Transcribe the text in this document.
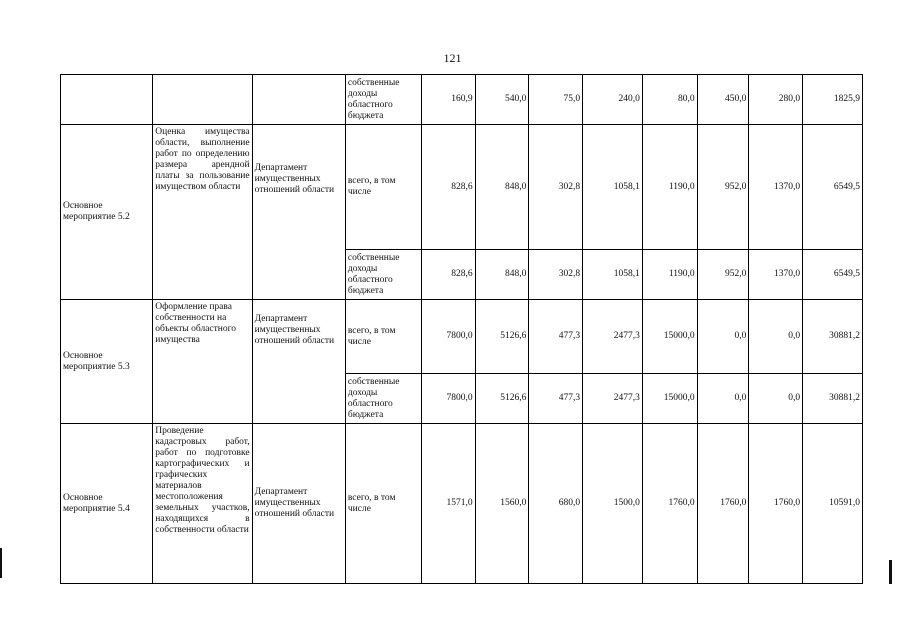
121
			собственные доходы областного бюджета	160,9	540,0	75,0	240,0	80,0	450,0	280,0	1825,9
Основное мероприятие 5.2	Оценка имущества области, выполнение работ по определению размера арендной платы за пользование имуществом области	Департамент имущественных отношений области	всего, в том числе	828,6	848,0	302,8	1058,1	1190,0	952,0	1370,0	6549,5
			собственные доходы областного бюджета	828,6	848,0	302,8	1058,1	1190,0	952,0	1370,0	6549,5
Основное мероприятие 5.3	Оформление права собственности на объекты областного имущества	Департамент имущественных отношений области	всего, в том числе	7800,0	5126,6	477,3	2477,3	15000,0	0,0	0,0	30881,2
			собственные доходы областного бюджета	7800,0	5126,6	477,3	2477,3	15000,0	0,0	0,0	30881,2
Основное мероприятие 5.4	Проведение кадастровых работ, работ по подготовке картографических и графических материалов местоположения земельных участков, находящихся в собственности области	Департамент имущественных отношений области	всего, в том числе	1571,0	1560,0	680,0	1500,0	1760,0	1760,0	1760,0	10591,0
